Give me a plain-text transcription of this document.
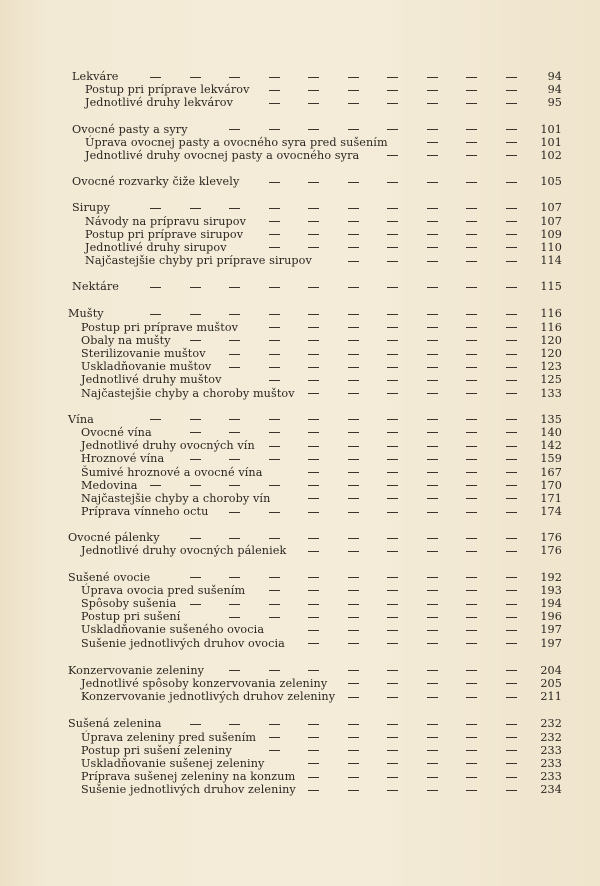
Lekváre	94
Postup pri príprave lekvárov	94
Jednotlivé druhy lekvárov	95
Ovocné pasty a syry	101
Úprava ovocnej pasty a ovocného syra pred sušením	101
Jednotlivé druhy ovocnej pasty a ovocného syra	102
Ovocné rozvarky čiže klevely	105
Sirupy	107
Návody na prípravu sirupov	107
Postup pri príprave sirupov	109
Jednotlivé druhy sirupov	110
Najčastejšie chyby pri príprave sirupov	114
Nektáre	115
Mušty	116
Postup pri príprave muštov	116
Obaly na mušty	120
Sterilizovanie muštov	120
Uskladňovanie muštov	123
Jednotlivé druhy muštov	125
Najčastejšie chyby a choroby muštov	133
Vína	135
Ovocné vína	140
Jednotlivé druhy ovocných vín	142
Hroznové vína	159
Šumivé hroznové a ovocné vína	167
Medovina	170
Najčastejšie chyby a choroby vín	171
Príprava vínneho octu	174
Ovocné pálenky	176
Jednotlivé druhy ovocných páleniek	176
Sušené ovocie	192
Úprava ovocia pred sušením	193
Spôsoby sušenia	194
Postup pri sušení	196
Uskladňovanie sušeného ovocia	197
Sušenie jednotlivých druhov ovocia	197
Konzervovanie zeleniny	204
Jednotlivé spôsoby konzervovania zeleniny	205
Konzervovanie jednotlivých druhov zeleniny	211
Sušená zelenina	232
Úprava zeleniny pred sušením	232
Postup pri sušení zeleniny	233
Uskladňovanie sušenej zeleniny	233
Príprava sušenej zeleniny na konzum	233
Sušenie jednotlivých druhov zeleniny	234
